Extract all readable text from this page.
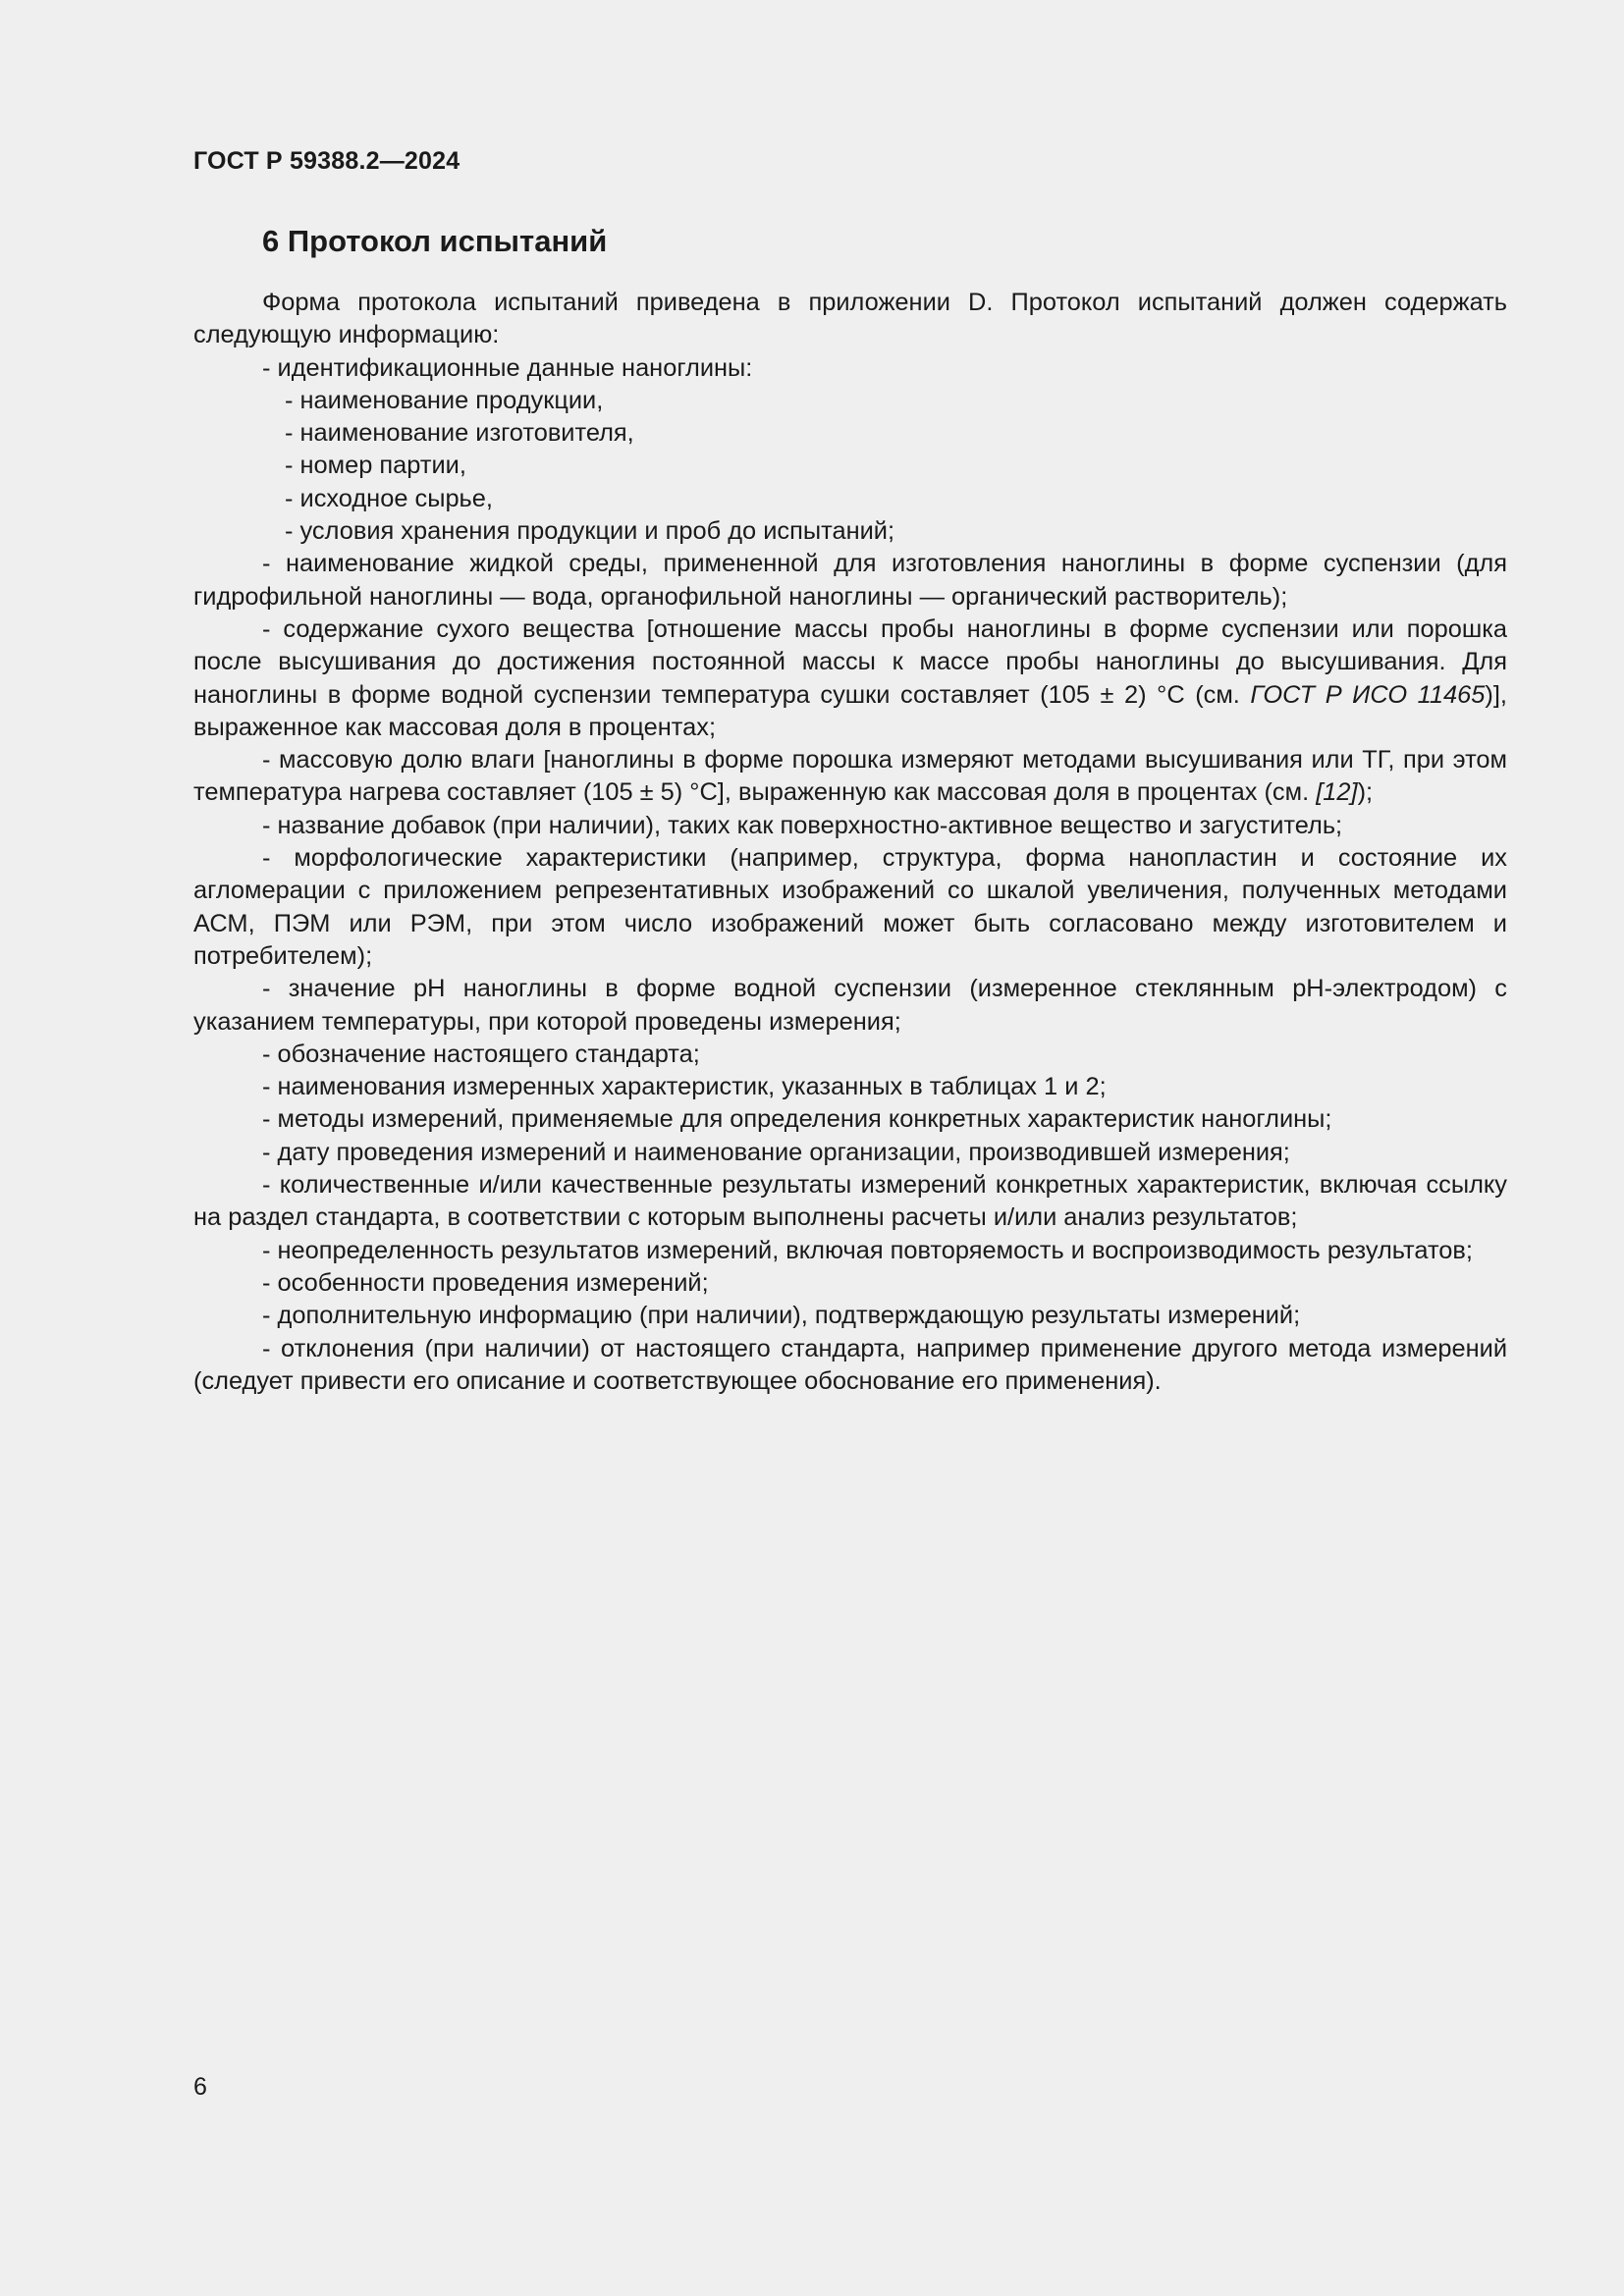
ГОСТ Р 59388.2—2024
6 Протокол испытаний

Форма протокола испытаний приведена в приложении D. Протокол испытаний должен содержать следующую информацию:

- идентификационные данные наноглины:

- наименование продукции,

- наименование изготовителя,

- номер партии,

- исходное сырье,

- условия хранения продукции и проб до испытаний;

- наименование жидкой среды, примененной для изготовления наноглины в форме суспензии (для гидрофильной наноглины — вода, органофильной наноглины — органический растворитель);

- содержание сухого вещества [отношение массы пробы наноглины в форме суспензии или порошка после высушивания до достижения постоянной массы к массе пробы наноглины до высушивания. Для наноглины в форме водной суспензии температура сушки составляет (105 ± 2) °C (см. ГОСТ Р ИСО 11465)], выраженное как массовая доля в процентах;

- массовую долю влаги [наноглины в форме порошка измеряют методами высушивания или ТГ, при этом температура нагрева составляет (105 ± 5) °C], выраженную как массовая доля в процентах (см. [12]);

- название добавок (при наличии), таких как поверхностно-активное вещество и загуститель;

- морфологические характеристики (например, структура, форма нанопластин и состояние их агломерации с приложением репрезентативных изображений со шкалой увеличения, полученных методами АСМ, ПЭМ или РЭМ, при этом число изображений может быть согласовано между изготовителем и потребителем);

- значение pH наноглины в форме водной суспензии (измеренное стеклянным pH-электродом) с указанием температуры, при которой проведены измерения;

- обозначение настоящего стандарта;

- наименования измеренных характеристик, указанных в таблицах 1 и 2;

- методы измерений, применяемые для определения конкретных характеристик наноглины;

- дату проведения измерений и наименование организации, производившей измерения;

- количественные и/или качественные результаты измерений конкретных характеристик, включая ссылку на раздел стандарта, в соответствии с которым выполнены расчеты и/или анализ результатов;

- неопределенность результатов измерений, включая повторяемость и воспроизводимость результатов;

- особенности проведения измерений;

- дополнительную информацию (при наличии), подтверждающую результаты измерений;

- отклонения (при наличии) от настоящего стандарта, например применение другого метода измерений (следует привести его описание и соответствующее обоснование его применения).

6
